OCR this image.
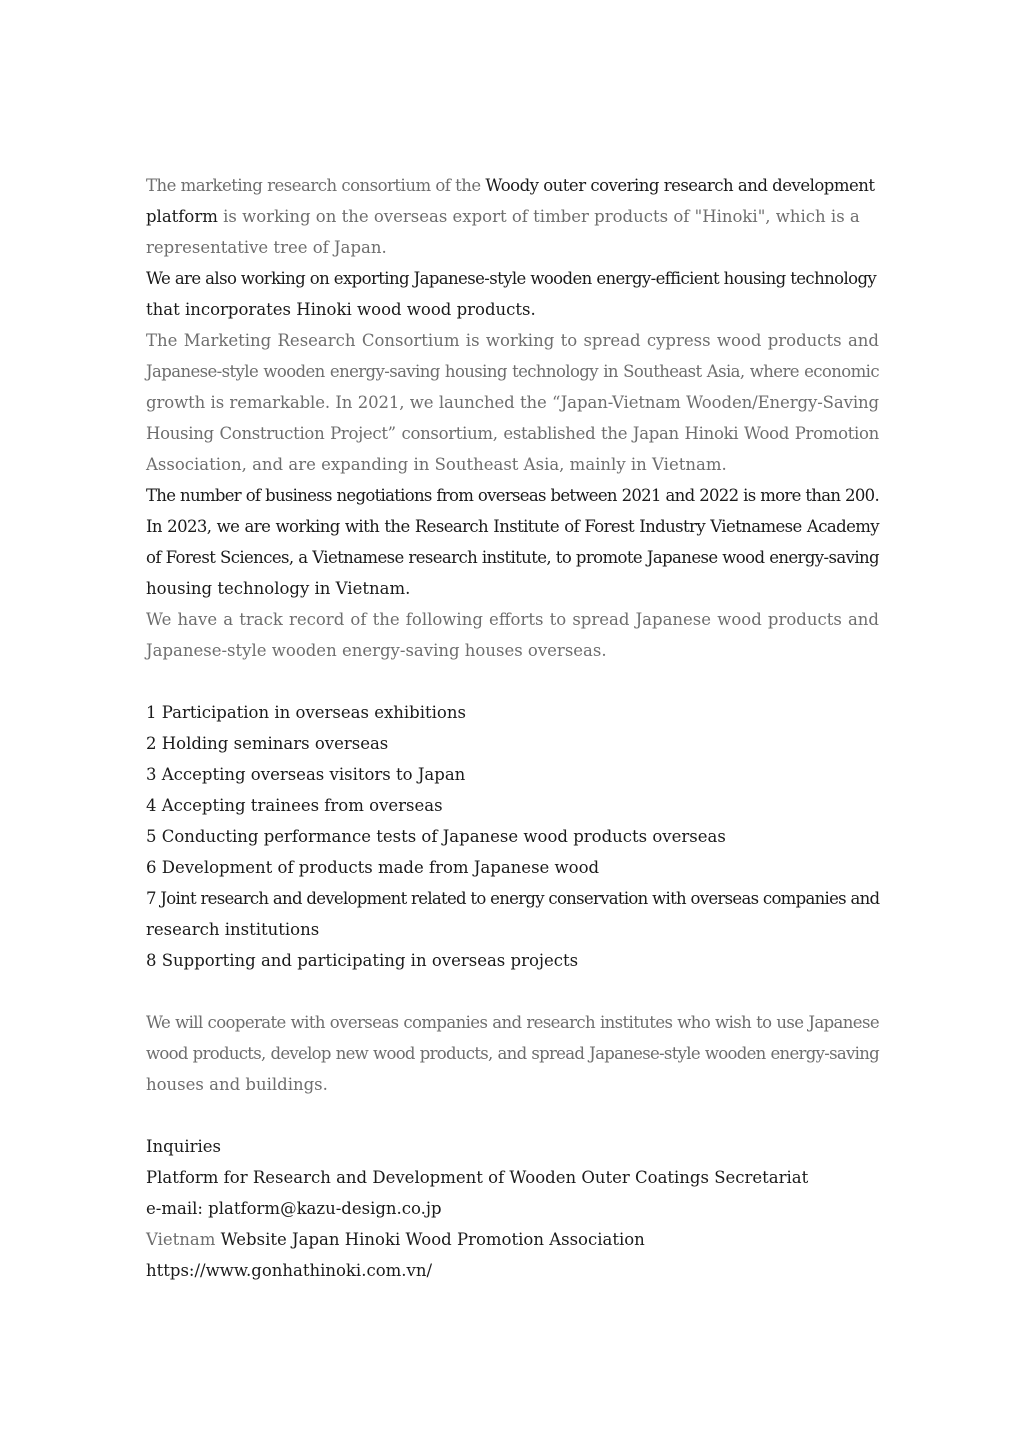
The marketing research consortium of the Woody outer covering research and development
platform is working on the overseas export of timber products of "Hinoki", which is a
representative tree of Japan.
We are also working on exporting Japanese-style wooden energy-efficient housing technology
that incorporates Hinoki wood wood products.
The Marketing Research Consortium is working to spread cypress wood products and
Japanese-style wooden energy-saving housing technology in Southeast Asia, where economic
growth is remarkable. In 2021, we launched the “Japan-Vietnam Wooden/Energy-Saving
Housing Construction Project” consortium, established the Japan Hinoki Wood Promotion
Association, and are expanding in Southeast Asia, mainly in Vietnam.
The number of business negotiations from overseas between 2021 and 2022 is more than 200.
In 2023, we are working with the Research Institute of Forest Industry Vietnamese Academy
of Forest Sciences, a Vietnamese research institute, to promote Japanese wood energy-saving
housing technology in Vietnam.
We have a track record of the following efforts to spread Japanese wood products and
Japanese-style wooden energy-saving houses overseas.
1 Participation in overseas exhibitions
2 Holding seminars overseas
3 Accepting overseas visitors to Japan
4 Accepting trainees from overseas
5 Conducting performance tests of Japanese wood products overseas
6 Development of products made from Japanese wood
7 Joint research and development related to energy conservation with overseas companies and
research institutions
8 Supporting and participating in overseas projects
We will cooperate with overseas companies and research institutes who wish to use Japanese
wood products, develop new wood products, and spread Japanese-style wooden energy-saving
houses and buildings.
Inquiries
Platform for Research and Development of Wooden Outer Coatings Secretariat
e-mail: platform@kazu-design.co.jp
Vietnam Website Japan Hinoki Wood Promotion Association
https://www.gonhathinoki.com.vn/
